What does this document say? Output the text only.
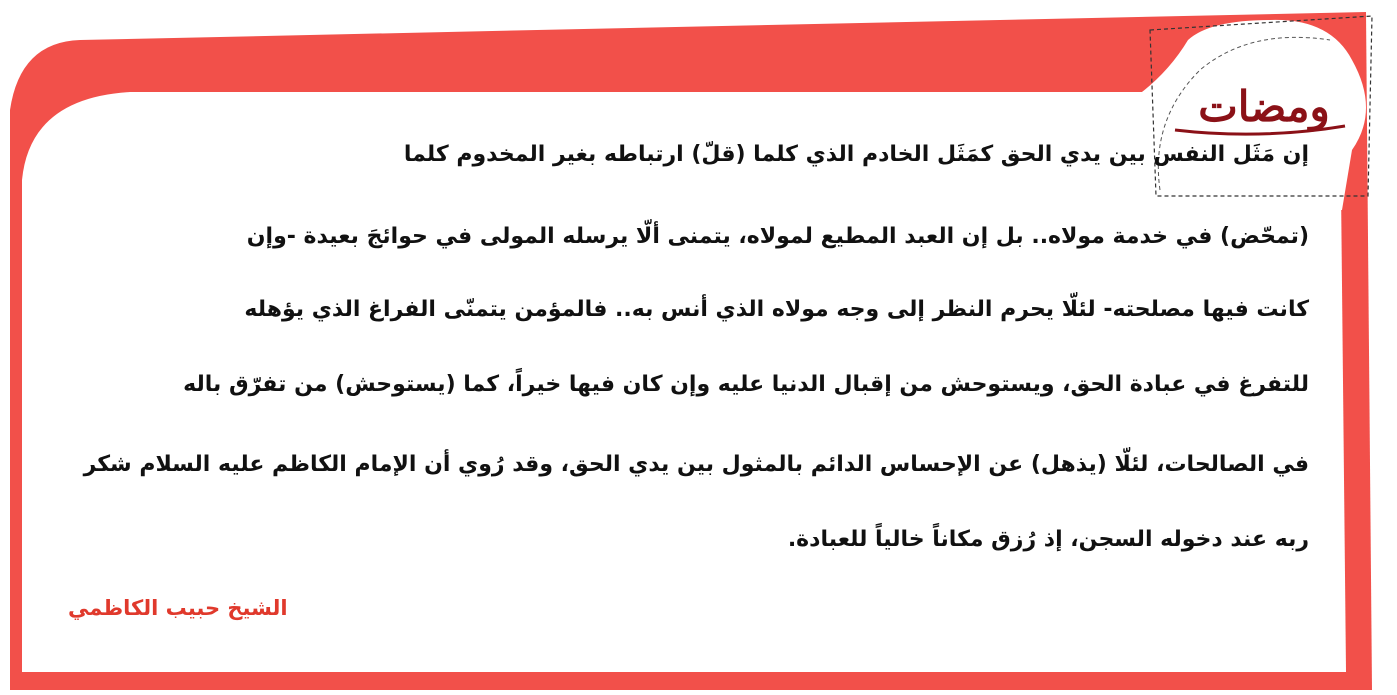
ومضات
إن مَثَل النفس بين يدي الحق كمَثَل الخادم الذي كلما (قلّ) ارتباطه بغير المخدوم كلما
(تمحّض) في خدمة مولاه.. بل إن العبد المطيع لمولاه، يتمنى ألّا يرسله المولى في حوائجَ بعيدة -وإن
كانت فيها مصلحته- لئلّا يحرم النظر إلى وجه مولاه الذي أنس به.. فالمؤمن يتمنّى الفراغ الذي يؤهله
للتفرغ في عبادة الحق، ويستوحش من إقبال الدنيا عليه وإن كان فيها خيراً، كما (يستوحش) من تفرّق باله
في الصالحات، لئلّا (يذهل) عن الإحساس الدائم بالمثول بين يدي الحق، وقد رُوي أن الإمام الكاظم عليه السلام شكر
ربه عند دخوله السجن، إذ رُزق مكاناً خالياً للعبادة.
الشيخ حبيب الكاظمي
